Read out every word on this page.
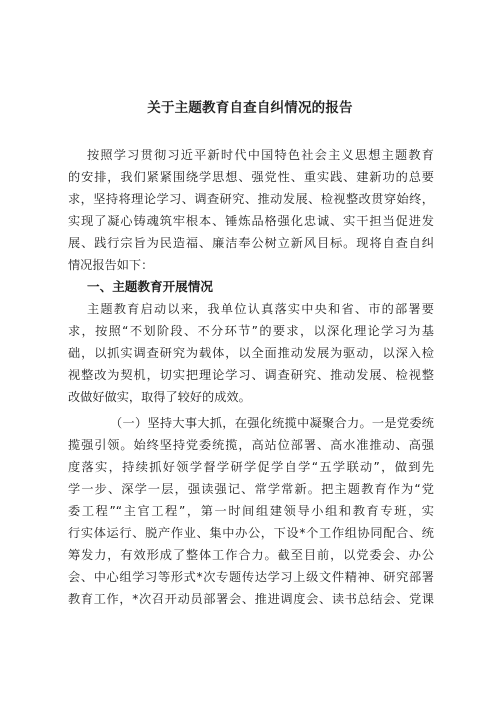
关于主题教育自查自纠情况的报告
按照学习贯彻习近平新时代中国特色社会主义思想主题教育
的安排，我们紧紧围绕学思想、强党性、重实践、建新功的总要
求，坚持将理论学习、调查研究、推动发展、检视整改贯穿始终，
实现了凝心铸魂筑牢根本、锤炼品格强化忠诚、实干担当促进发
展、践行宗旨为民造福、廉洁奉公树立新风目标。现将自查自纠
情况报告如下：
一、主题教育开展情况
主题教育启动以来，我单位认真落实中央和省、市的部署要
求，按照“不划阶段、不分环节”的要求，以深化理论学习为基
础，以抓实调查研究为载体，以全面推动发展为驱动，以深入检
视整改为契机，切实把理论学习、调查研究、推动发展、检视整
改做好做实，取得了较好的成效。
（一）坚持大事大抓，在强化统揽中凝聚合力。一是党委统
揽强引领。始终坚持党委统揽，高站位部署、高水准推动、高强
度落实，持续抓好领学督学研学促学自学“五学联动”，做到先
学一步、深学一层，强读强记、常学常新。把主题教育作为“党
委工程”“主官工程”，第一时间组建领导小组和教育专班，实
行实体运行、脱产作业、集中办公，下设*个工作组协同配合、统
筹发力，有效形成了整体工作合力。截至目前，以党委会、办公
会、中心组学习等形式*次专题传达学习上级文件精神、研究部署
教育工作，*次召开动员部署会、推进调度会、读书总结会、党课
